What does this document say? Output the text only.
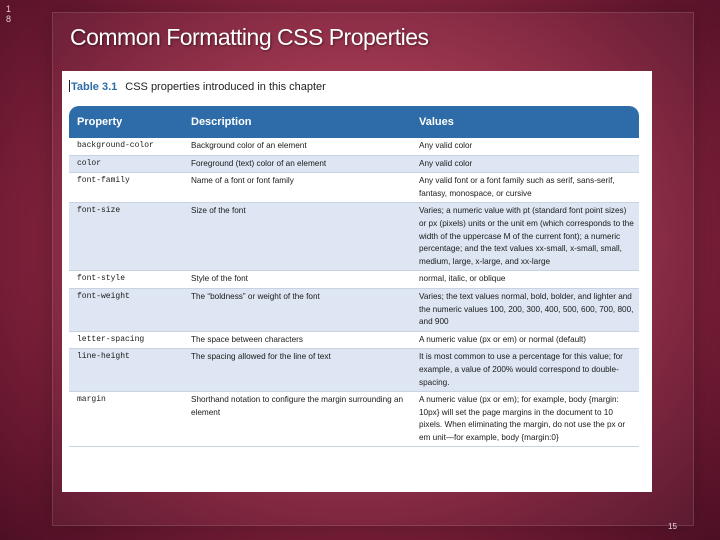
1 8
Common Formatting CSS Properties
Table 3.1 CSS properties introduced in this chapter
Property	Description	Values
background-color	Background color of an element	Any valid color
color	Foreground (text) color of an element	Any valid color
font-family	Name of a font or font family	Any valid font or a font family such as serif, sans-serif, fantasy, monospace, or cursive
font-size	Size of the font	Varies; a numeric value with pt (standard font point sizes) or px (pixels) units or the unit em (which corresponds to the width of the uppercase M of the current font); a numeric percentage; and the text values xx-small, x-small, small, medium, large, x-large, and xx-large
font-style	Style of the font	normal, italic, or oblique
font-weight	The “boldness” or weight of the font	Varies; the text values normal, bold, bolder, and lighter and the numeric values 100, 200, 300, 400, 500, 600, 700, 800, and 900
letter-spacing	The space between characters	A numeric value (px or em) or normal (default)
line-height	The spacing allowed for the line of text	It is most common to use a percentage for this value; for example, a value of 200% would correspond to double-spacing.
margin	Shorthand notation to configure the margin surrounding an element	A numeric value (px or em); for example, body {margin: 10px} will set the page margins in the document to 10 pixels. When eliminating the margin, do not use the px or em unit—for example, body {margin:0}
15
